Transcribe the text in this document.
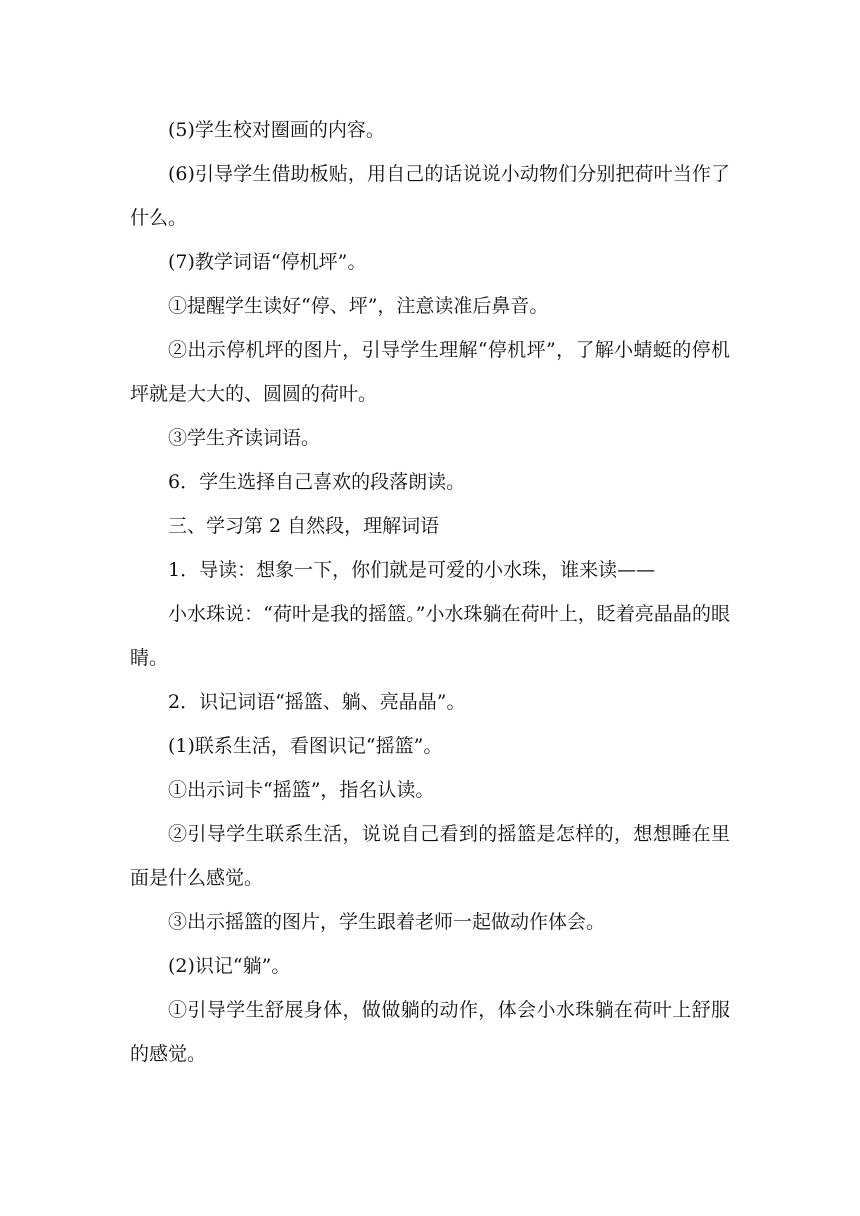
(5)学生校对圈画的内容。

(6)引导学生借助板贴，用自己的话说说小动物们分别把荷叶当作了什么。

(7)教学词语“停机坪”。

①提醒学生读好“停、坪”，注意读准后鼻音。

②出示停机坪的图片，引导学生理解“停机坪”，了解小蜻蜓的停机坪就是大大的、圆圆的荷叶。

③学生齐读词语。

6．学生选择自己喜欢的段落朗读。

三、学习第 2 自然段，理解词语

1．导读：想象一下，你们就是可爱的小水珠，谁来读——

小水珠说：“荷叶是我的摇篮。”小水珠躺在荷叶上，眨着亮晶晶的眼睛。

2．识记词语“摇篮、躺、亮晶晶”。

(1)联系生活，看图识记“摇篮”。

①出示词卡“摇篮”，指名认读。

②引导学生联系生活，说说自己看到的摇篮是怎样的，想想睡在里面是什么感觉。

③出示摇篮的图片，学生跟着老师一起做动作体会。

(2)识记“躺”。

①引导学生舒展身体，做做躺的动作，体会小水珠躺在荷叶上舒服的感觉。
